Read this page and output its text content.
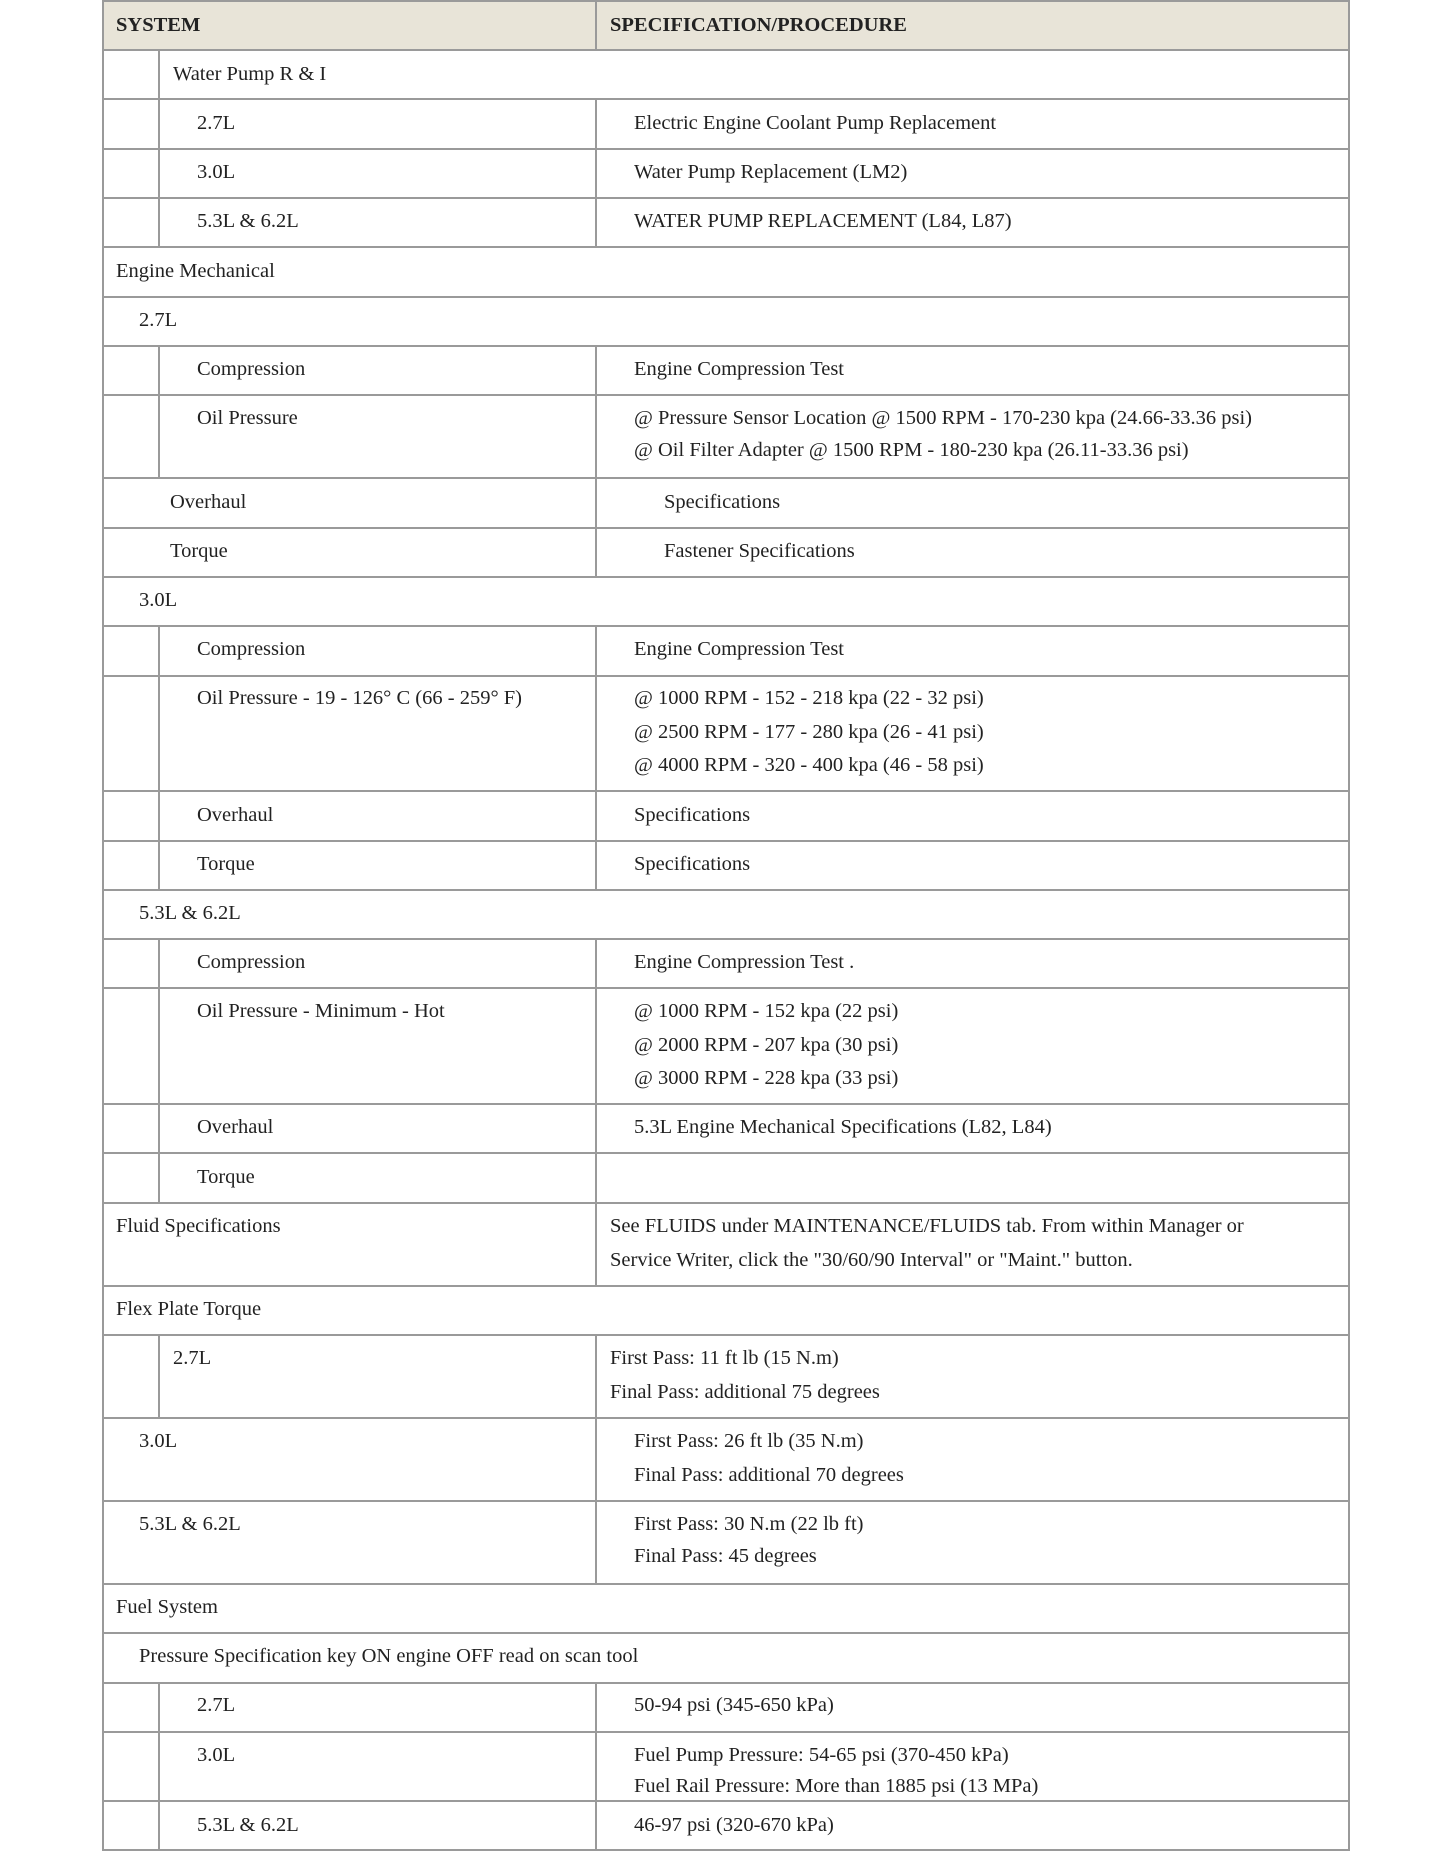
SYSTEM	SPECIFICATION/PROCEDURE
Water Pump R & I
2.7L	Electric Engine Coolant Pump Replacement
3.0L	Water Pump Replacement (LM2)
5.3L & 6.2L	WATER PUMP REPLACEMENT (L84, L87)
Engine Mechanical
2.7L
Compression	Engine Compression Test
Oil Pressure	@ Pressure Sensor Location @ 1500 RPM - 170-230 kpa (24.66-33.36 psi)
@ Oil Filter Adapter @ 1500 RPM - 180-230 kpa (26.11-33.36 psi)
Overhaul	Specifications
Torque	Fastener Specifications
3.0L
Compression	Engine Compression Test
Oil Pressure - 19 - 126° C (66 - 259° F)	@ 1000 RPM - 152 - 218 kpa (22 - 32 psi)
@ 2500 RPM - 177 - 280 kpa (26 - 41 psi)
@ 4000 RPM - 320 - 400 kpa (46 - 58 psi)
Overhaul	Specifications
Torque	Specifications
5.3L & 6.2L
Compression	Engine Compression Test .
Oil Pressure - Minimum - Hot	@ 1000 RPM - 152 kpa (22 psi)
@ 2000 RPM - 207 kpa (30 psi)
@ 3000 RPM - 228 kpa (33 psi)
Overhaul	5.3L Engine Mechanical Specifications (L82, L84)
Torque
Fluid Specifications	See FLUIDS under MAINTENANCE/FLUIDS tab. From within Manager or
Service Writer, click the "30/60/90 Interval" or "Maint." button.
Flex Plate Torque
2.7L	First Pass: 11 ft lb (15 N.m)
Final Pass: additional 75 degrees
3.0L	First Pass: 26 ft lb (35 N.m)
Final Pass: additional 70 degrees
5.3L & 6.2L	First Pass: 30 N.m (22 lb ft)
Final Pass: 45 degrees
Fuel System
Pressure Specification key ON engine OFF read on scan tool
2.7L	50-94 psi (345-650 kPa)
3.0L	Fuel Pump Pressure: 54-65 psi (370-450 kPa)
Fuel Rail Pressure: More than 1885 psi (13 MPa)
5.3L & 6.2L	46-97 psi (320-670 kPa)
